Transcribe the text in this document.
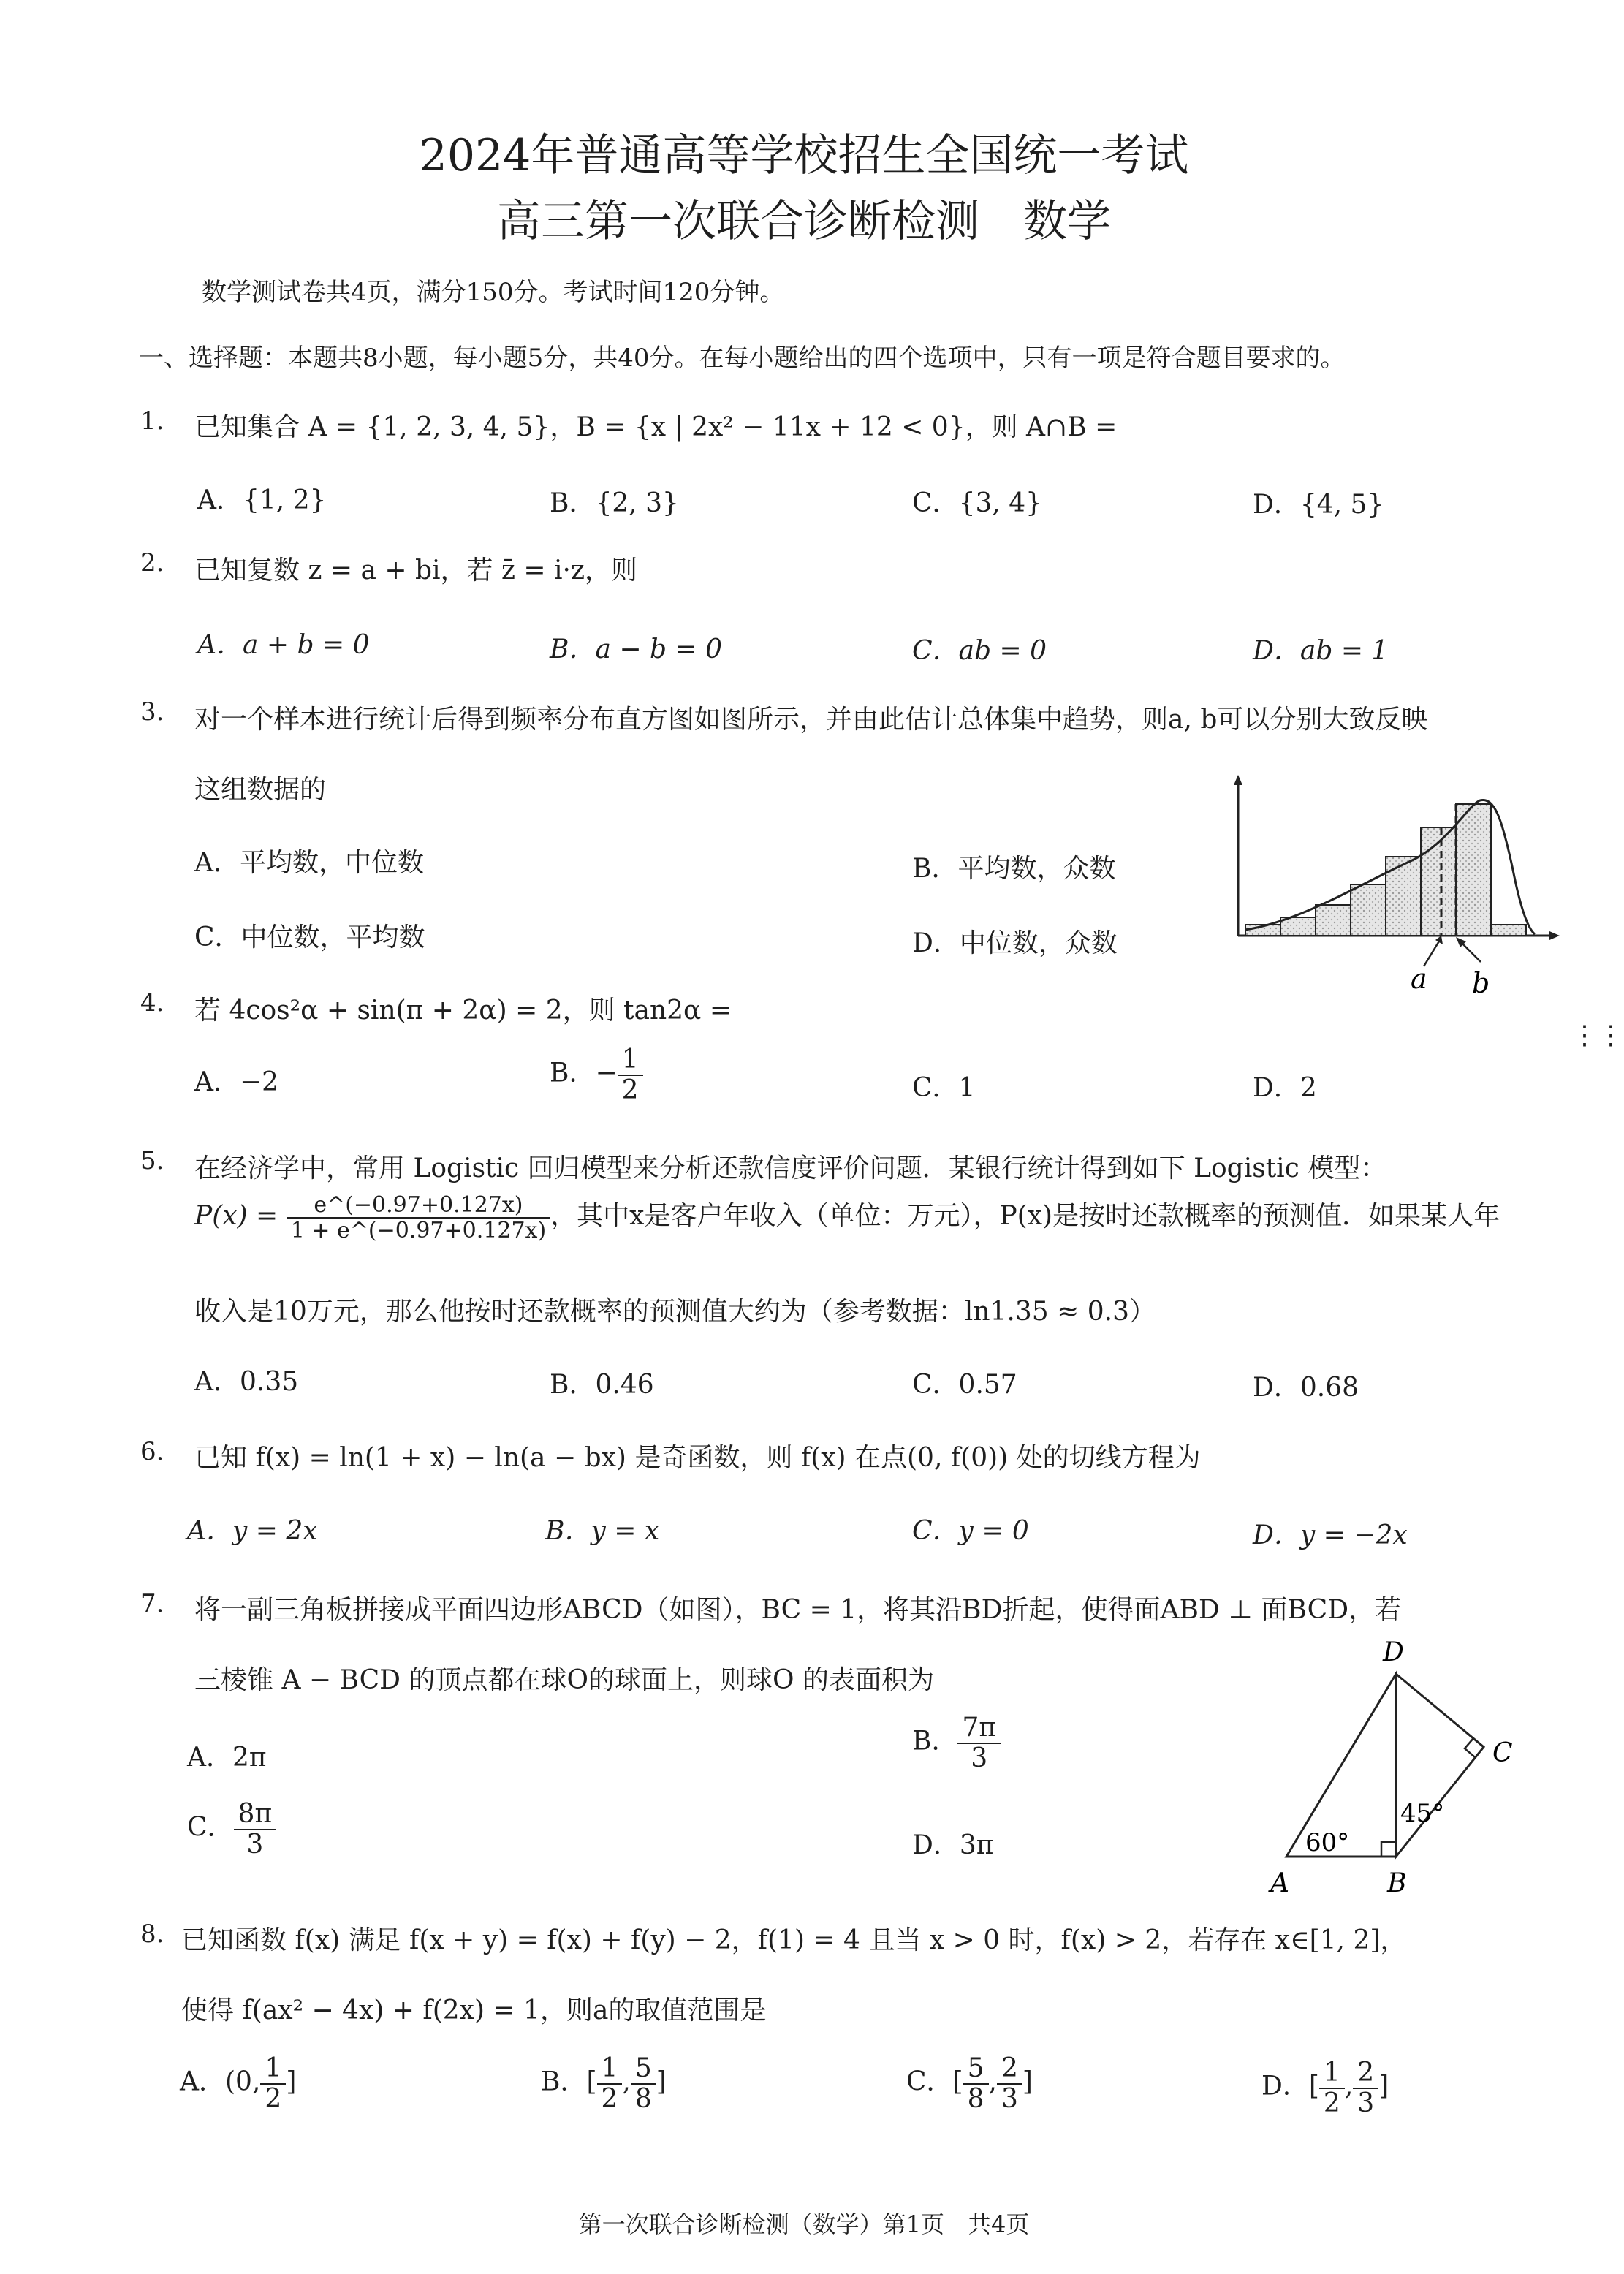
2024年普通高等学校招生全国统一考试
高三第一次联合诊断检测　数学
数学测试卷共4页，满分150分。考试时间120分钟。
一、选择题：本题共8小题，每小题5分，共40分。在每小题给出的四个选项中，只有一项是符合题目要求的。
1. 已知集合 A = {1, 2, 3, 4, 5}，B = {x | 2x² − 11x + 12 < 0}，则 A∩B =
A．{1, 2}	B．{2, 3}	C．{3, 4}	D．{4, 5}
2. 已知复数 z = a + bi，若 z̄ = i·z，则
A．a + b = 0	B．a − b = 0	C．ab = 0	D．ab = 1
3. 对一个样本进行统计后得到频率分布直方图如图所示，并由此估计总体集中趋势，则a, b可以分别大致反映
这组数据的
A．平均数，中位数	B．平均数，众数
C．中位数，平均数	D．中位数，众数
a b
4. 若 4cos²α + sin(π + 2α) = 2，则 tan2α =
A．−2	B．− $\frac{1}{2}$	C．1	D．2
5. 在经济学中，常用 Logistic 回归模型来分析还款信度评价问题．某银行统计得到如下 Logistic 模型：
$P(x) = \frac{e\^{}(-0.97+0.127x)}{1 + e\^{}(-0.97+0.127x)}$ ，其中x是客户年收入（单位：万元），P(x)是按时还款概率的预测值．如果某人年
收入是10万元，那么他按时还款概率的预测值大约为（参考数据：ln1.35 ≈ 0.3）
A．0.35	B．0.46	C．0.57	D．0.68
6. 已知 f(x) = ln(1 + x) − ln(a − bx) 是奇函数，则 f(x) 在点(0, f(0)) 处的切线方程为
A．y = 2x	B．y = x	C．y = 0	D．y = −2x
7. 将一副三角板拼接成平面四边形ABCD（如图），BC = 1，将其沿BD折起，使得面ABD ⊥ 面BCD，若
三棱锥 A − BCD 的顶点都在球O的球面上，则球O 的表面积为
A．2π
B． $\frac{7\pi}{3}$
C． $\frac{8\pi}{3}$	D．3π
D
C
45°
60°
A	B
8. 已知函数 f(x) 满足 f(x + y) = f(x) + f(y) − 2，f(1) = 4 且当 x > 0 时，f(x) > 2，若存在 x∈[1, 2]，
使得 f(ax² − 4x) + f(2x) = 1，则a的取值范围是
A．(0, $\frac{1}{2}$ ]	B．[ $\frac{1}{2}$ , $\frac{5}{8}$ ]	C．[ $\frac{5}{8}$ , $\frac{2}{3}$ ]	D．[ $\frac{1}{2}$ , $\frac{2}{3}$ ]
第一次联合诊断检测（数学）第1页　共4页
⋮⋮
